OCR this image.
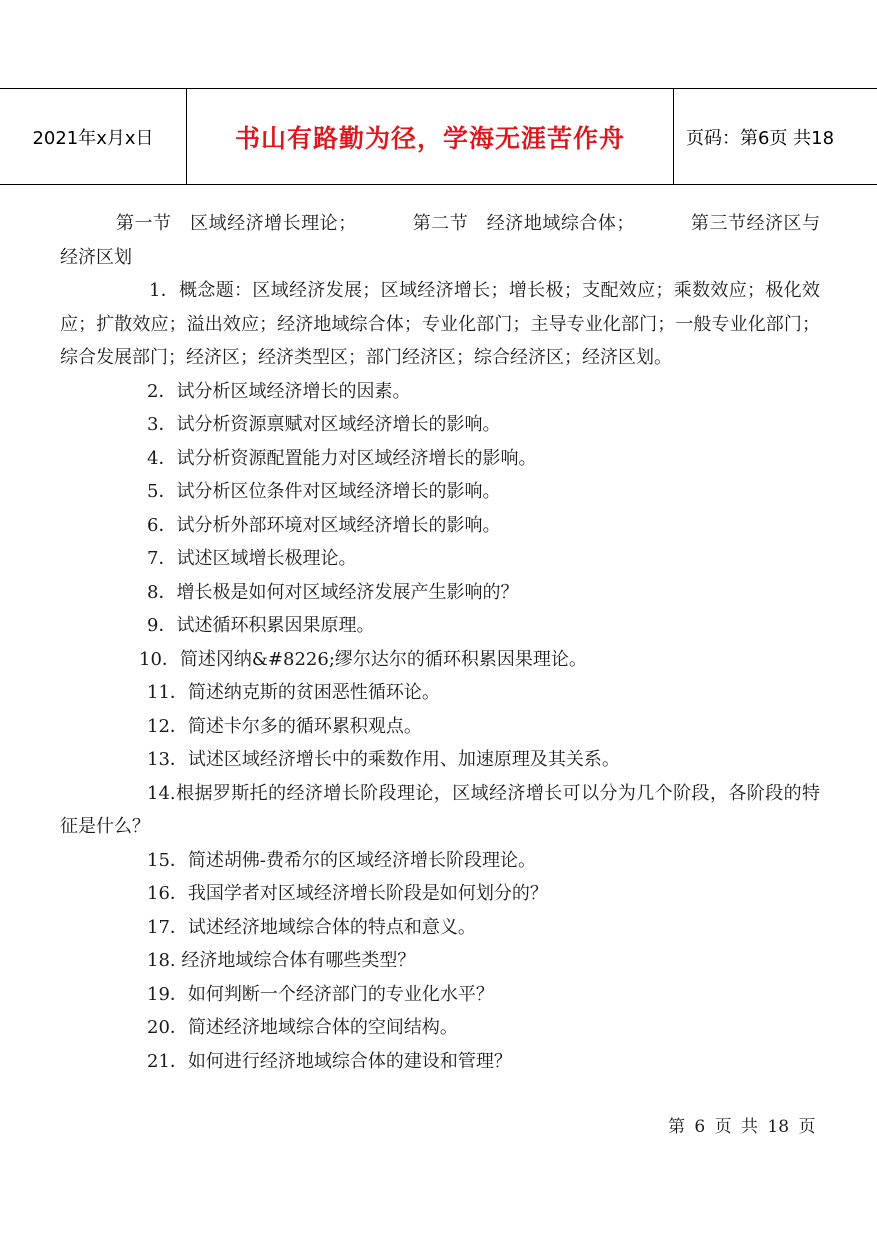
2021年x月x日	书山有路勤为径，学海无涯苦作舟	页码：第6页 共18

第一节　区域经济增长理论；	第二节　经济地域综合体；	第三节经济区与经济区划

1．概念题：区域经济发展；区域经济增长；增长极；支配效应；乘数效应；极化效应；扩散效应；溢出效应；经济地域综合体；专业化部门；主导专业化部门；一般专业化部门；综合发展部门；经济区；经济类型区；部门经济区；综合经济区；经济区划。

2．试分析区域经济增长的因素。

3．试分析资源禀赋对区域经济增长的影响。

4．试分析资源配置能力对区域经济增长的影响。

5．试分析区位条件对区域经济增长的影响。

6．试分析外部环境对区域经济增长的影响。

7．试述区域增长极理论。

8．增长极是如何对区域经济发展产生影响的？

9．试述循环积累因果原理。

10．简述冈纳&#8226;缪尔达尔的循环积累因果理论。

11．简述纳克斯的贫困恶性循环论。

12．简述卡尔多的循环累积观点。

13．试述区域经济增长中的乘数作用、加速原理及其关系。

14.根据罗斯托的经济增长阶段理论，区域经济增长可以分为几个阶段，各阶段的特征是什么？

15．简述胡佛-费希尔的区域经济增长阶段理论。

16．我国学者对区域经济增长阶段是如何划分的？

17．试述经济地域综合体的特点和意义。

18. 经济地域综合体有哪些类型？

19．如何判断一个经济部门的专业化水平？

20．简述经济地域综合体的空间结构。

21．如何进行经济地域综合体的建设和管理？

第 6 页 共 18 页
